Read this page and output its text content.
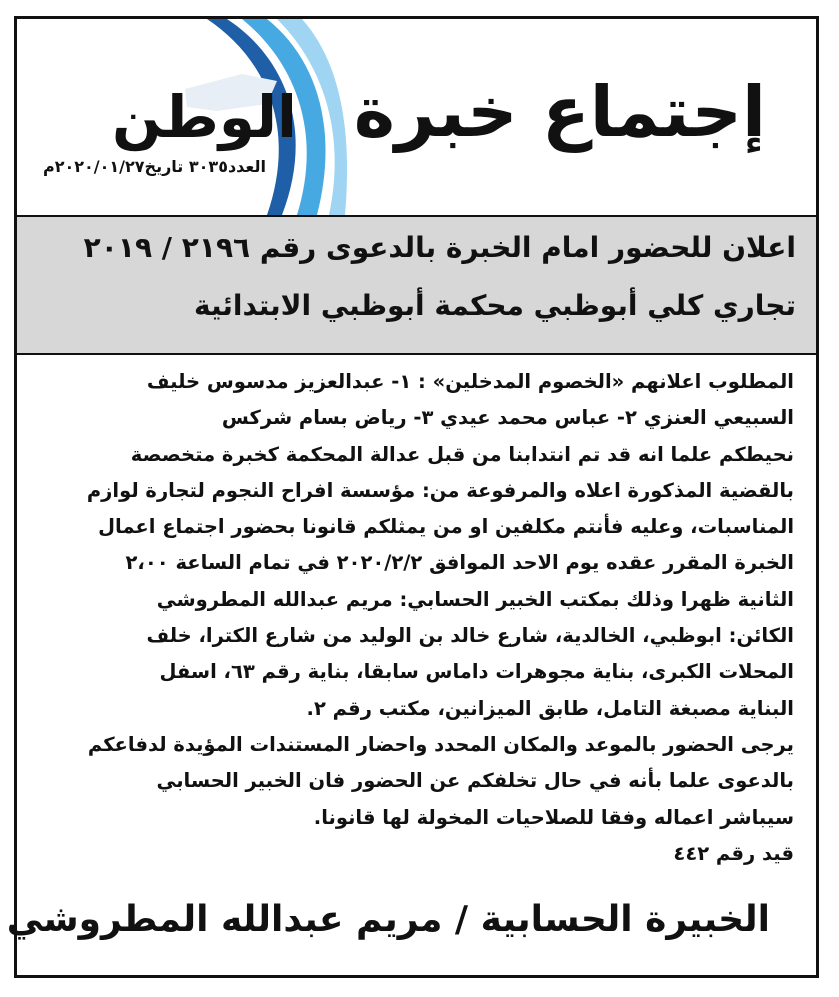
الوطن
العدد٣٠٣٥ تاريخ٢٠٢٠/٠١/٢٧م
إجتماع خبرة
اعلان للحضور امام الخبرة بالدعوى رقم ٢١٩٦ / ٢٠١٩
تجاري كلي أبوظبي محكمة أبوظبي الابتدائية
المطلوب اعلانهم «الخصوم المدخلين» : ١- عبدالعزيز مدسوس خليف
السبيعي العنزي ٢- عباس محمد عيدي ٣- رياض بسام شركس
نحيطكم علما انه قد تم انتدابنا من قبل عدالة المحكمة كخبرة متخصصة
بالقضية المذكورة اعلاه والمرفوعة من: مؤسسة افراح النجوم لتجارة لوازم
المناسبات، وعليه فأنتم مكلفين او من يمثلكم قانونا بحضور اجتماع اعمال
الخبرة المقرر عقده يوم الاحد الموافق ٢٠٢٠/٢/٢ في تمام الساعة ٢،٠٠
الثانية ظهرا وذلك بمكتب الخبير الحسابي: مريم عبدالله المطروشي
الكائن: ابوظبي، الخالدية، شارع خالد بن الوليد من شارع الكترا، خلف
المحلات الكبرى، بناية مجوهرات داماس سابقا، بناية رقم ٦٣، اسفل
البناية مصبغة التامل، طابق الميزانين، مكتب رقم ٢.
يرجى الحضور بالموعد والمكان المحدد واحضار المستندات المؤيدة لدفاعكم
بالدعوى علما بأنه في حال تخلفكم عن الحضور فان الخبير الحسابي
سيباشر اعماله وفقا للصلاحيات المخولة لها قانونا.
قيد رقم ٤٤٢
الخبيرة الحسابية / مريم عبدالله المطروشي
